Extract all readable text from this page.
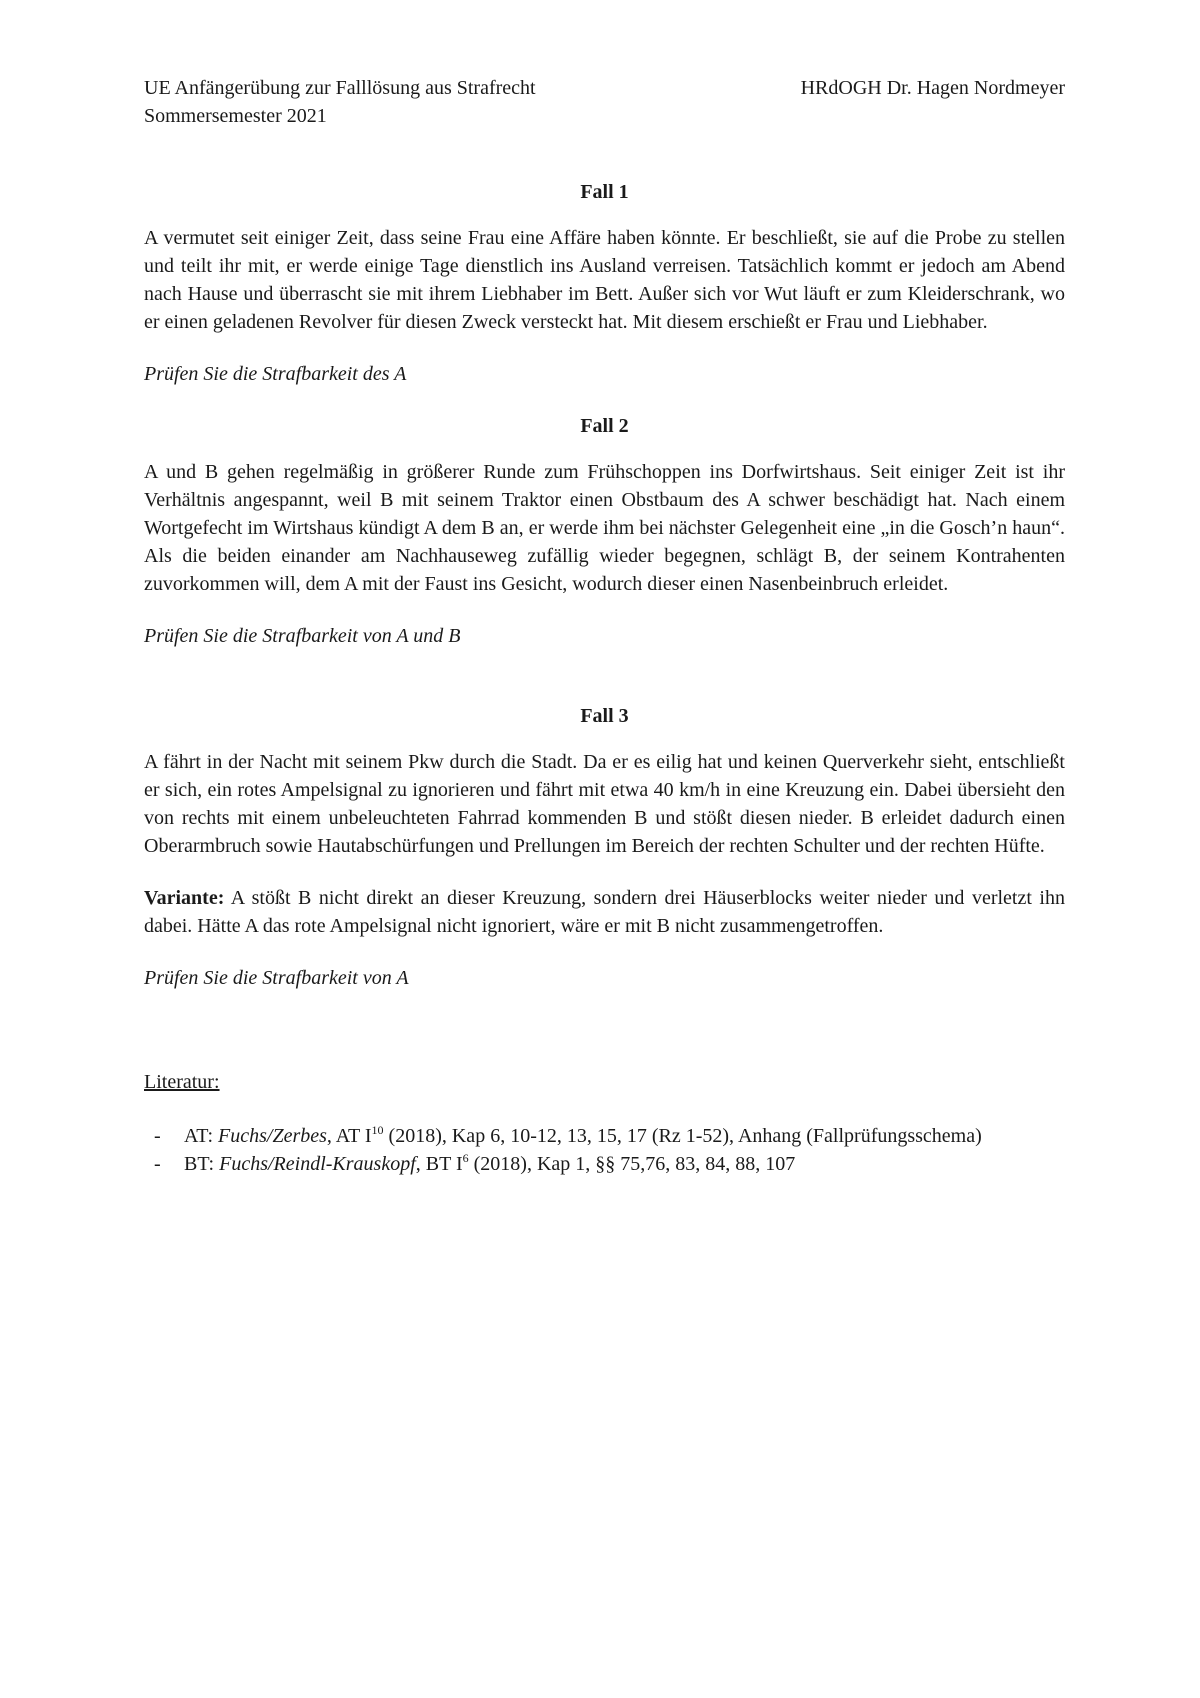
UE Anfängerübung zur Falllösung aus Strafrecht
Sommersemester 2021
HRdOGH Dr. Hagen Nordmeyer

Fall 1

A vermutet seit einiger Zeit, dass seine Frau eine Affäre haben könnte. Er beschließt, sie auf die Probe zu stellen und teilt ihr mit, er werde einige Tage dienstlich ins Ausland verreisen. Tatsächlich kommt er jedoch am Abend nach Hause und überrascht sie mit ihrem Liebhaber im Bett. Außer sich vor Wut läuft er zum Kleiderschrank, wo er einen geladenen Revolver für diesen Zweck versteckt hat. Mit diesem erschießt er Frau und Liebhaber.

Prüfen Sie die Strafbarkeit des A

Fall 2

A und B gehen regelmäßig in größerer Runde zum Frühschoppen ins Dorfwirtshaus. Seit einiger Zeit ist ihr Verhältnis angespannt, weil B mit seinem Traktor einen Obstbaum des A schwer beschädigt hat. Nach einem Wortgefecht im Wirtshaus kündigt A dem B an, er werde ihm bei nächster Gelegenheit eine „in die Gosch’n haun“. Als die beiden einander am Nachhauseweg zufällig wieder begegnen, schlägt B, der seinem Kontrahenten zuvorkommen will, dem A mit der Faust ins Gesicht, wodurch dieser einen Nasenbeinbruch erleidet.

Prüfen Sie die Strafbarkeit von A und B

Fall 3

A fährt in der Nacht mit seinem Pkw durch die Stadt. Da er es eilig hat und keinen Querverkehr sieht, entschließt er sich, ein rotes Ampelsignal zu ignorieren und fährt mit etwa 40 km/h in eine Kreuzung ein. Dabei übersieht den von rechts mit einem unbeleuchteten Fahrrad kommenden B und stößt diesen nieder. B erleidet dadurch einen Oberarmbruch sowie Hautabschürfungen und Prellungen im Bereich der rechten Schulter und der rechten Hüfte.

Variante: A stößt B nicht direkt an dieser Kreuzung, sondern drei Häuserblocks weiter nieder und verletzt ihn dabei. Hätte A das rote Ampelsignal nicht ignoriert, wäre er mit B nicht zusammengetroffen.

Prüfen Sie die Strafbarkeit von A

Literatur:

-	AT: Fuchs/Zerbes, AT $I^{10}$ (2018), Kap 6, 10-12, 13, 15, 17 (Rz 1-52), Anhang (Fallprüfungsschema)
-	BT: Fuchs/Reindl-Krauskopf, BT $I^6$ (2018), Kap 1, §§ 75,76, 83, 84, 88, 107
